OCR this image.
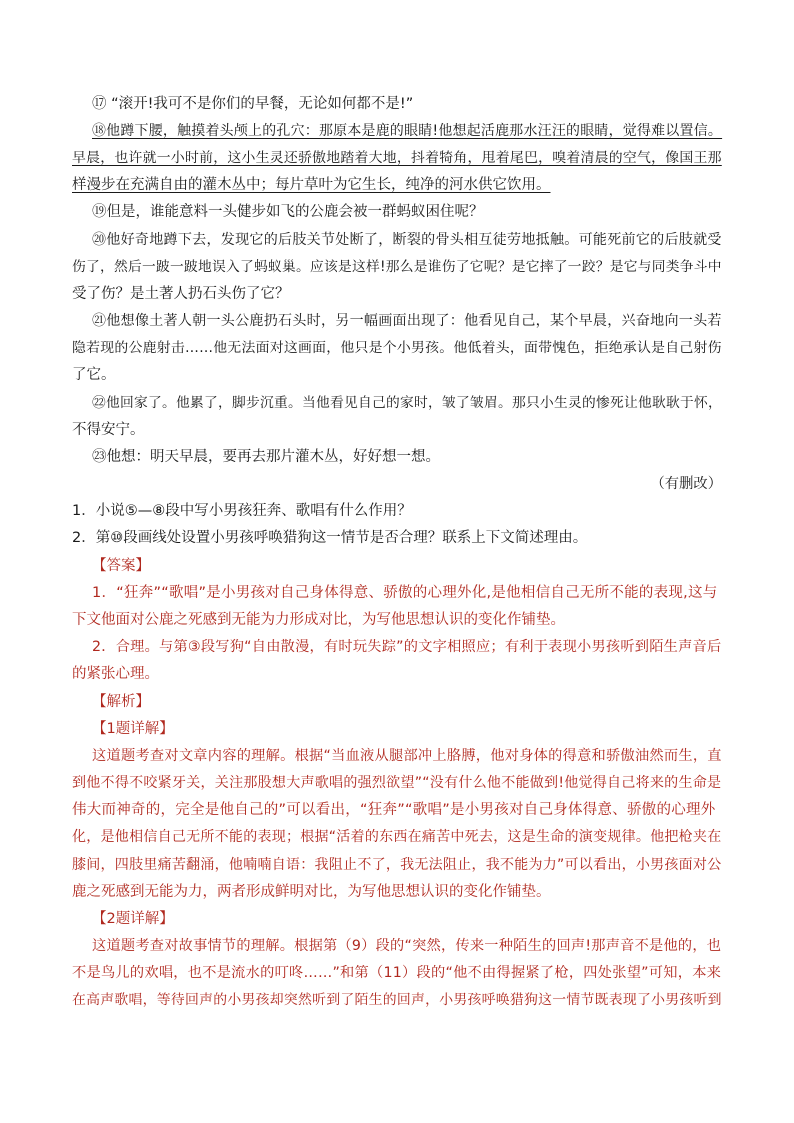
⑰ “滚开!我可不是你们的早餐，无论如何都不是!”
⑱他蹲下腰，触摸着头颅上的孔穴：那原本是鹿的眼睛!他想起活鹿那水汪汪的眼睛，觉得难以置信。
早晨，也许就一小时前，这小生灵还骄傲地踏着大地，抖着犄角，甩着尾巴，嗅着清晨的空气，像国王那
样漫步在充满自由的灌木丛中；每片草叶为它生长，纯净的河水供它饮用。
⑲但是，谁能意料一头健步如飞的公鹿会被一群蚂蚁困住呢？
⑳他好奇地蹲下去，发现它的后肢关节处断了，断裂的骨头相互徒劳地抵触。可能死前它的后肢就受
伤了，然后一跛一跛地误入了蚂蚁巢。应该是这样!那么是谁伤了它呢？是它摔了一跤？是它与同类争斗中
受了伤？是土著人扔石头伤了它？
㉑他想像土著人朝一头公鹿扔石头时，另一幅画面出现了：他看见自己，某个早晨，兴奋地向一头若
隐若现的公鹿射击……他无法面对这画面，他只是个小男孩。他低着头，面带愧色，拒绝承认是自己射伤
了它。
㉒他回家了。他累了，脚步沉重。当他看见自己的家时，皱了皱眉。那只小生灵的惨死让他耿耿于怀，
不得安宁。
㉓他想：明天早晨，要再去那片灌木丛，好好想一想。
（有删改）
1．小说⑤—⑧段中写小男孩狂奔、歌唱有什么作用？
2．第⑩段画线处设置小男孩呼唤猎狗这一情节是否合理？联系上下文简述理由。
【答案】
1．“狂奔”“歌唱”是小男孩对自己身体得意、骄傲的心理外化,是他相信自己无所不能的表现,这与
下文他面对公鹿之死感到无能为力形成对比，为写他思想认识的变化作铺垫。
2．合理。与第③段写狗“自由散漫，有时玩失踪”的文字相照应；有利于表现小男孩听到陌生声音后
的紧张心理。
【解析】
【1题详解】
这道题考查对文章内容的理解。根据“当血液从腿部冲上胳膊，他对身体的得意和骄傲油然而生，直
到他不得不咬紧牙关，关注那股想大声歌唱的强烈欲望”“没有什么他不能做到!他觉得自己将来的生命是
伟大而神奇的，完全是他自己的”可以看出，“狂奔”“歌唱”是小男孩对自己身体得意、骄傲的心理外
化，是他相信自己无所不能的表现；根据“活着的东西在痛苦中死去，这是生命的演变规律。他把枪夹在
膝间，四肢里痛苦翻涌，他喃喃自语：我阻止不了，我无法阻止，我不能为力”可以看出，小男孩面对公
鹿之死感到无能为力，两者形成鲜明对比，为写他思想认识的变化作铺垫。
【2题详解】
这道题考查对故事情节的理解。根据第（9）段的“突然，传来一种陌生的回声!那声音不是他的，也
不是鸟儿的欢唱，也不是流水的叮咚……”和第（11）段的“他不由得握紧了枪，四处张望”可知，本来
在高声歌唱，等待回声的小男孩却突然听到了陌生的回声，小男孩呼唤猎狗这一情节既表现了小男孩听到
